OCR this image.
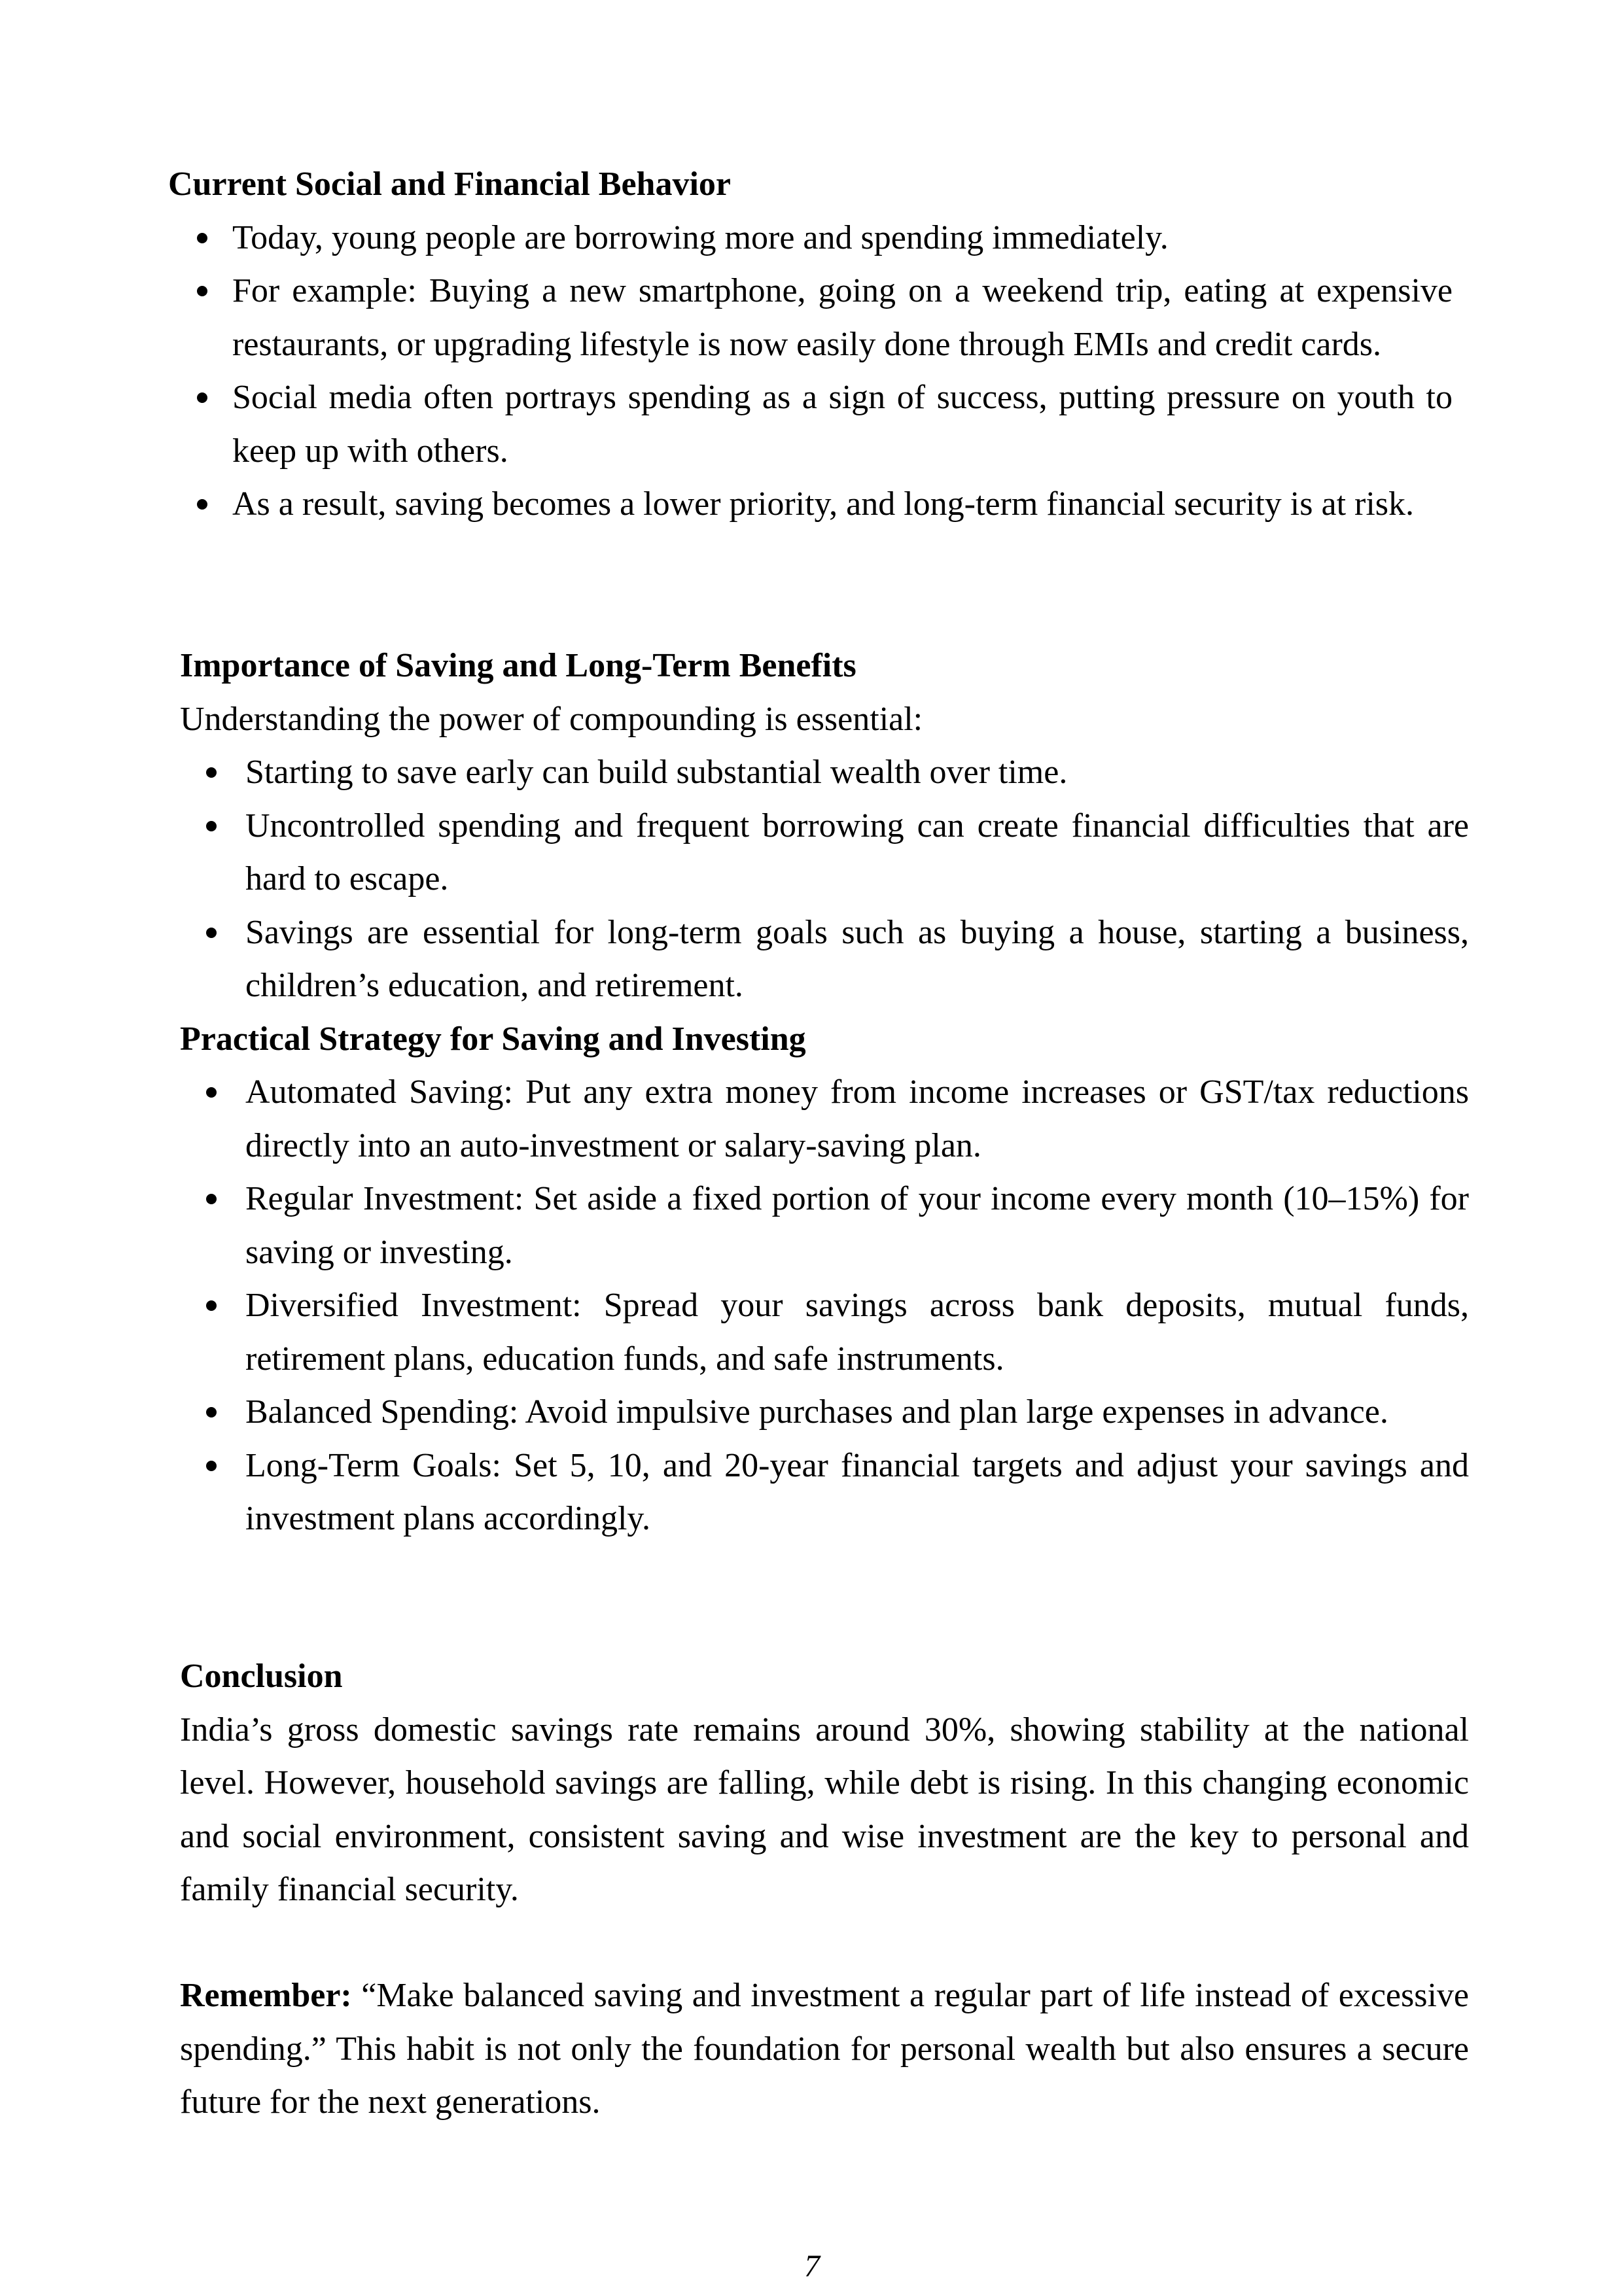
Current Social and Financial Behavior
Today, young people are borrowing more and spending immediately.
For example: Buying a new smartphone, going on a weekend trip, eating at expensive restaurants, or upgrading lifestyle is now easily done through EMIs and credit cards.
Social media often portrays spending as a sign of success, putting pressure on youth to keep up with others.
As a result, saving becomes a lower priority, and long-term financial security is at risk.
Importance of Saving and Long-Term Benefits

Understanding the power of compounding is essential:

Starting to save early can build substantial wealth over time.
Uncontrolled spending and frequent borrowing can create financial difficulties that are hard to escape.
Savings are essential for long-term goals such as buying a house, starting a business, children’s education, and retirement.
Practical Strategy for Saving and Investing
Automated Saving: Put any extra money from income increases or GST/tax reductions directly into an auto-investment or salary-saving plan.
Regular Investment: Set aside a fixed portion of your income every month (10–15%) for saving or investing.
Diversified Investment: Spread your savings across bank deposits, mutual funds, retirement plans, education funds, and safe instruments.
Balanced Spending: Avoid impulsive purchases and plan large expenses in advance.
Long-Term Goals: Set 5, 10, and 20-year financial targets and adjust your savings and investment plans accordingly.
Conclusion

India’s gross domestic savings rate remains around 30%, showing stability at the national level. However, household savings are falling, while debt is rising. In this changing economic and social environment, consistent saving and wise investment are the key to personal and family financial security.

Remember: “Make balanced saving and investment a regular part of life instead of excessive spending.” This habit is not only the foundation for personal wealth but also ensures a secure future for the next generations.

7
